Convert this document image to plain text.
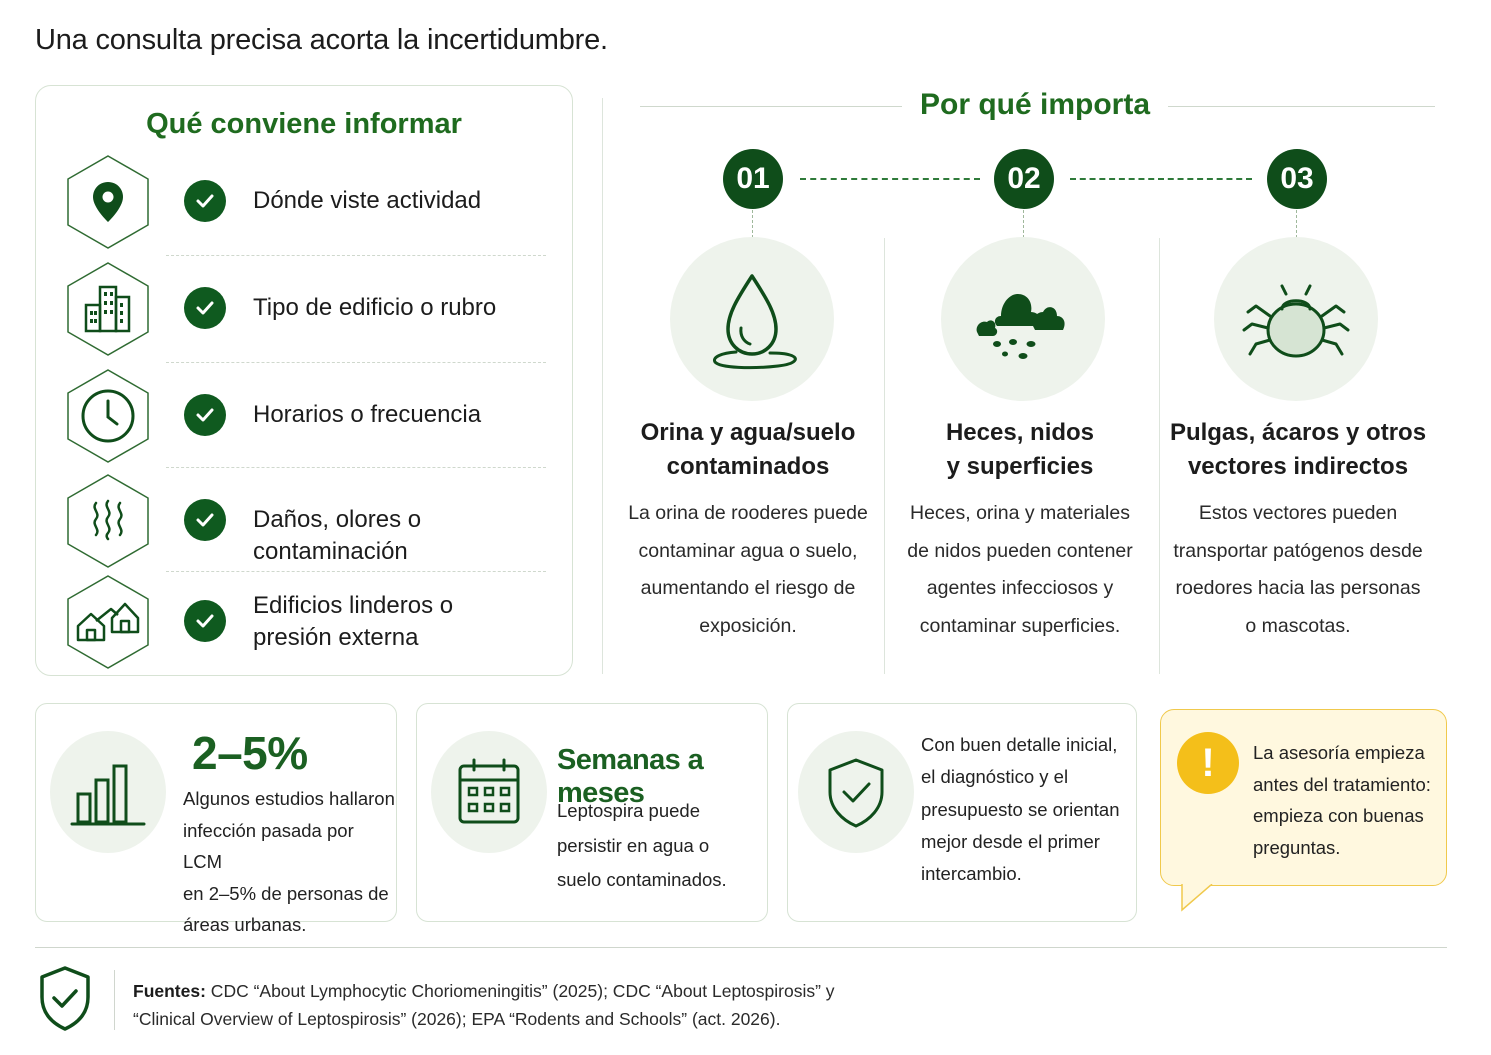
Una consulta precisa acorta la incertidumbre.
Qué conviene informar
Dónde viste actividad
Tipo de edificio o rubro
Horarios o frecuencia
Daños, olores o contaminación
Edificios linderos o
presión externa
Por qué importa
01	02	03
Orina y agua/suelo
contaminados
La orina de rooderes puede
contaminar agua o suelo,
aumentando el riesgo de
exposición.
Heces, nidos
y superficies
Heces, orina y materiales
de nidos pueden contener
agentes infecciosos y
contaminar superficies.
Pulgas, ácaros y otros
vectores indirectos
Estos vectores pueden
transportar patógenos desde
roedores hacia las personas
o mascotas.
2–5%
Algunos estudios hallaron
infección pasada por LCM
en 2–5% de personas de
áreas urbanas.
Semanas a meses
Leptospira puede
persistir en agua o
suelo contaminados.
Con buen detalle inicial,
el diagnóstico y el
presupuesto se orientan
mejor desde el primer
intercambio.
!	La asesoría empieza
antes del tratamiento:
empieza con buenas
preguntas.
Fuentes: CDC “About Lymphocytic Choriomeningitis” (2025); CDC “About Leptospirosis” y
“Clinical Overview of Leptospirosis” (2026); EPA “Rodents and Schools” (act. 2026).
